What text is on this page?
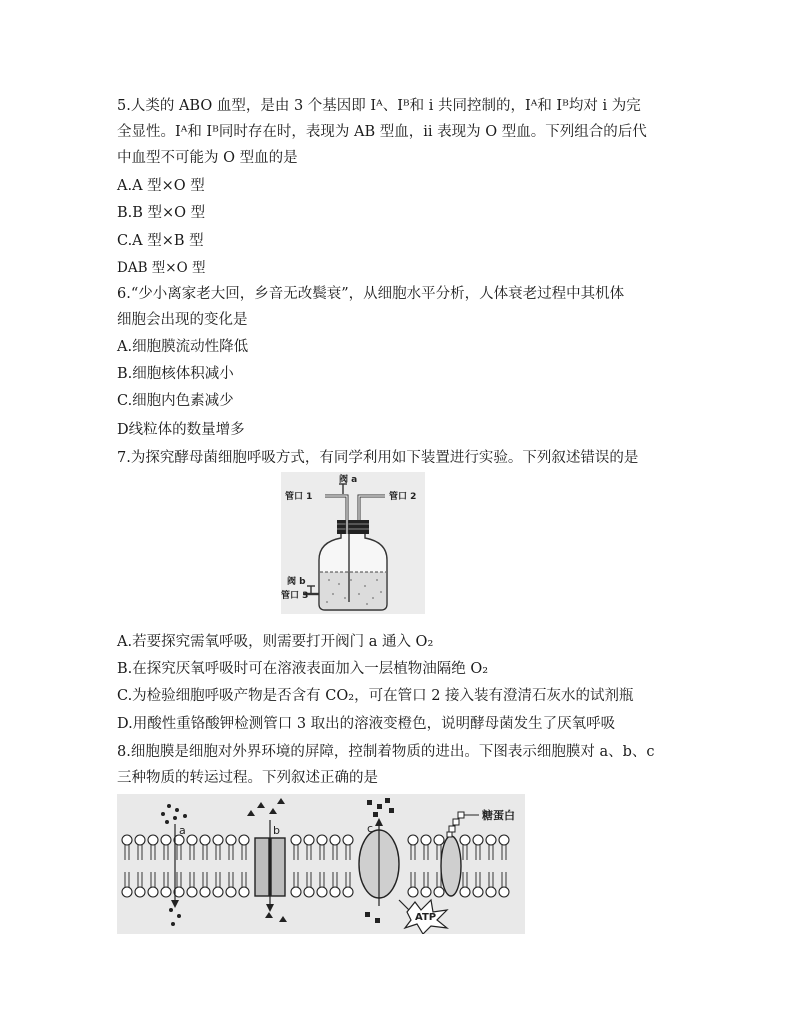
5.人类的 ABO 血型，是由 3 个基因即 Iᴬ、Iᴮ和 i 共同控制的，Iᴬ和 Iᴮ均对 i 为完
全显性。Iᴬ和 Iᴮ同时存在时，表现为 AB 型血，ii 表现为 O 型血。下列组合的后代
中血型不可能为 O 型血的是
A.A 型×O 型
B.B 型×O 型
C.A 型×B 型
DAB 型×O 型
6.“少小离家老大回，乡音无改鬓衰”，从细胞水平分析，人体衰老过程中其机体
细胞会出现的变化是
A.细胞膜流动性降低
B.细胞核体积减小
C.细胞内色素减少
D线粒体的数量增多
7.为探究酵母菌细胞呼吸方式，有同学利用如下装置进行实验。下列叙述错误的是
阀 a
管口 1	管口 2
阀 b
管口 3
A.若要探究需氧呼吸，则需要打开阀门 a 通入 O₂
B.在探究厌氧呼吸时可在溶液表面加入一层植物油隔绝 O₂
C.为检验细胞呼吸产物是否含有 CO₂，可在管口 2 接入装有澄清石灰水的试剂瓶
D.用酸性重铬酸钾检测管口 3 取出的溶液变橙色，说明酵母菌发生了厌氧呼吸
8.细胞膜是细胞对外界环境的屏障，控制着物质的进出。下图表示细胞膜对 a、b、c
三种物质的转运过程。下列叙述正确的是
糖蛋白
a	b	c
ATP
